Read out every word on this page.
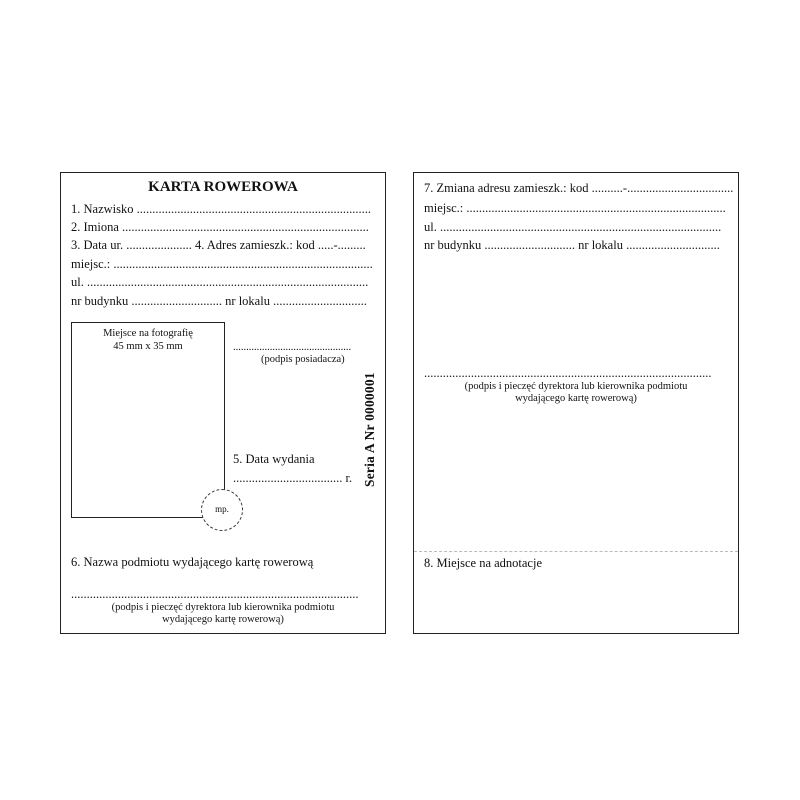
KARTA ROWEROWA
1. Nazwisko ...........................................................................
2. Imiona ...............................................................................
3. Data ur. ..................... 4. Adres zamieszk.: kod .....-.........
miejsc.: ...................................................................................
ul. ..........................................................................................
nr budynku ............................. nr lokalu ..............................
Miejsce na fotografię
45 mm x 35 mm
mp.
.............................................
(podpis posiadacza)
5. Data wydania
................................... r. Seria A Nr 0000001
6. Nazwa podmiotu wydającego kartę rowerową
............................................................................................
(podpis i pieczęć dyrektora lub kierownika podmiotu
wydającego kartę rowerową)
7. Zmiana adresu zamieszk.: kod ..........-..................................
miejsc.: ...................................................................................
ul. ..........................................................................................
nr budynku ............................. nr lokalu ..............................
............................................................................................
(podpis i pieczęć dyrektora lub kierownika podmiotu
wydającego kartę rowerową)
8. Miejsce na adnotacje
